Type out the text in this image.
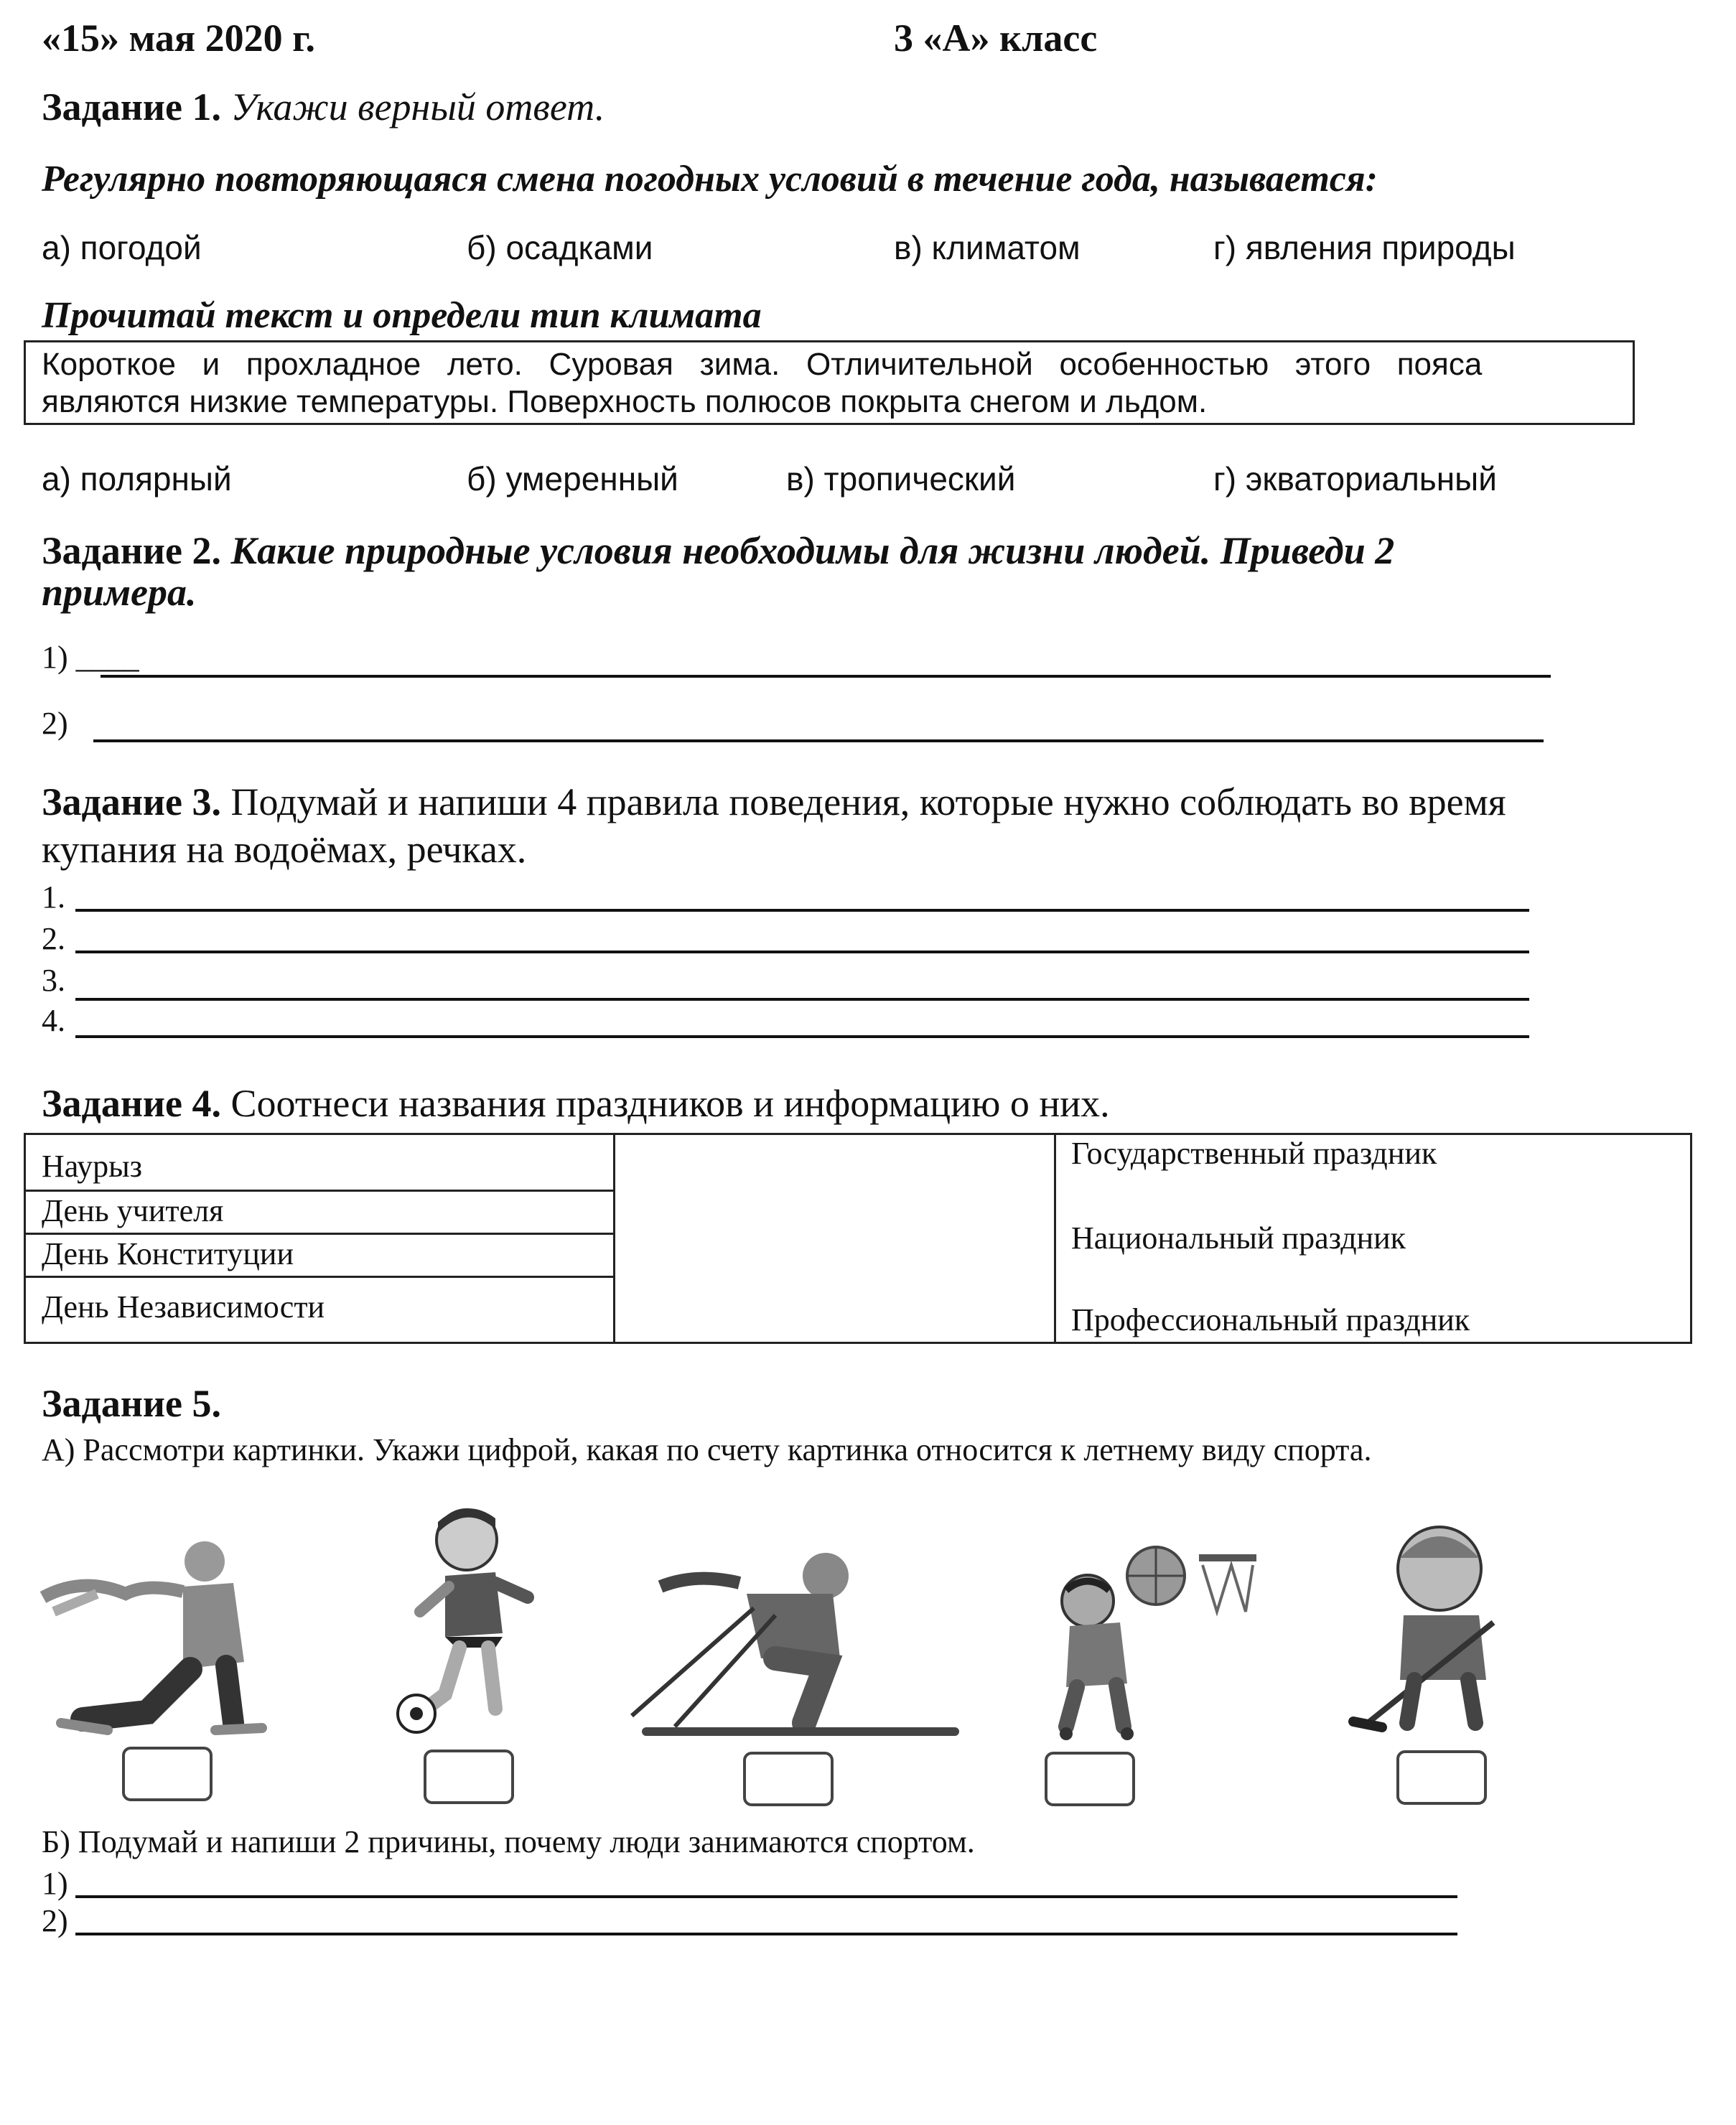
«15» мая 2020 г.	3 «А» класс
Задание 1. Укажи верный ответ.
Регулярно повторяющаяся смена погодных условий в течение года, называется:
а) погодой	б) осадками	в) климатом	г) явления природы
Прочитай текст и определи тип климата
Короткое   и   прохладное   лето.   Суровая   зима.   Отличительной   особенностью   этого   пояса
являются низкие температуры. Поверхность полюсов покрыта снегом и льдом.
а) полярный	б) умеренный	в) тропический	г) экваториальный
Задание 2. Какие природные условия необходимы для жизни людей. Приведи 2
примера.
1) ____
2)
Задание 3. Подумай и напиши 4 правила поведения, которые нужно соблюдать во время
купания на водоёмах, речках.
1.
2.
3.
4.
Задание 4. Соотнеси названия праздников и информацию о них.
Наурыз
День учителя
День Конституции
День Независимости
Государственный праздник
Национальный праздник
Профессиональный праздник
Задание 5.
А) Рассмотри картинки. Укажи цифрой, какая по счету картинка относится к летнему виду спорта.
Б) Подумай и напиши 2 причины, почему люди занимаются спортом.
1)
2)
